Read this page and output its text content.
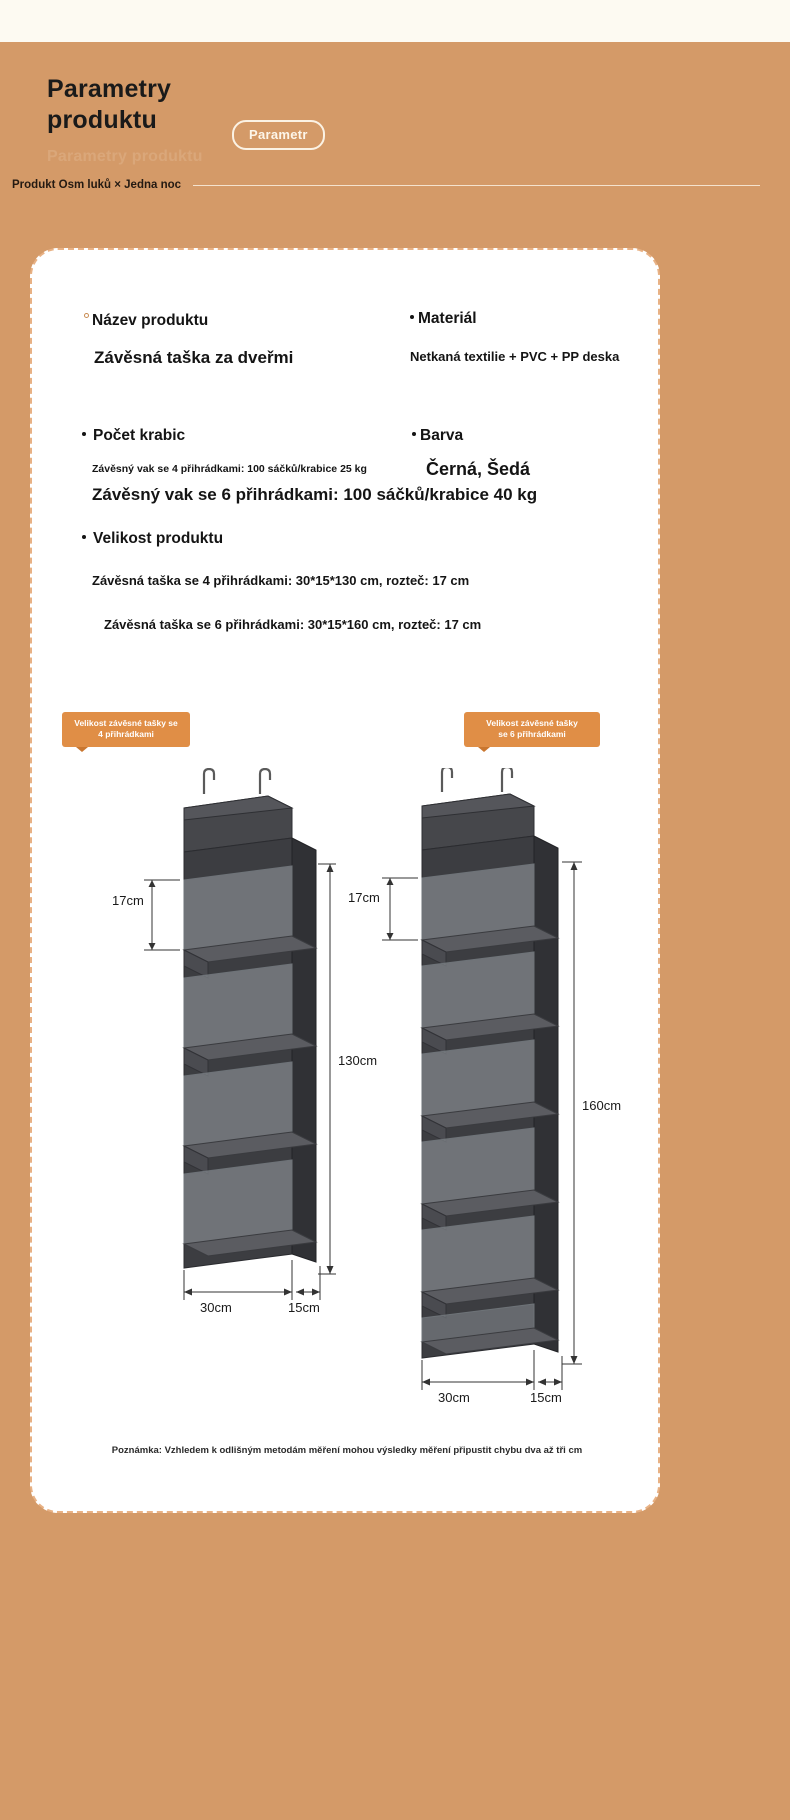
Parametry
produktu
Parametry produktu
Parametr
Produkt Osm luků × Jedna noc
Název produktu
Závěsná taška za dveřmi
Materiál
Netkaná textilie + PVC + PP deska
Počet krabic
Závěsný vak se 4 přihrádkami: 100 sáčků/krabice 25 kg
Závěsný vak se 6 přihrádkami: 100 sáčků/krabice 40 kg
Barva
Černá, Šedá
Velikost produktu
Závěsná taška se 4 přihrádkami: 30*15*130 cm, rozteč: 17 cm
Závěsná taška se 6 přihrádkami: 30*15*160 cm, rozteč: 17 cm
Velikost závěsné tašky se
4 přihrádkami
Velikost závěsné tašky
se 6 přihrádkami
17cm
130cm
30cm	15cm
17cm
160cm
30cm	15cm
Poznámka: Vzhledem k odlišným metodám měření mohou výsledky měření připustit chybu dva až tři cm
